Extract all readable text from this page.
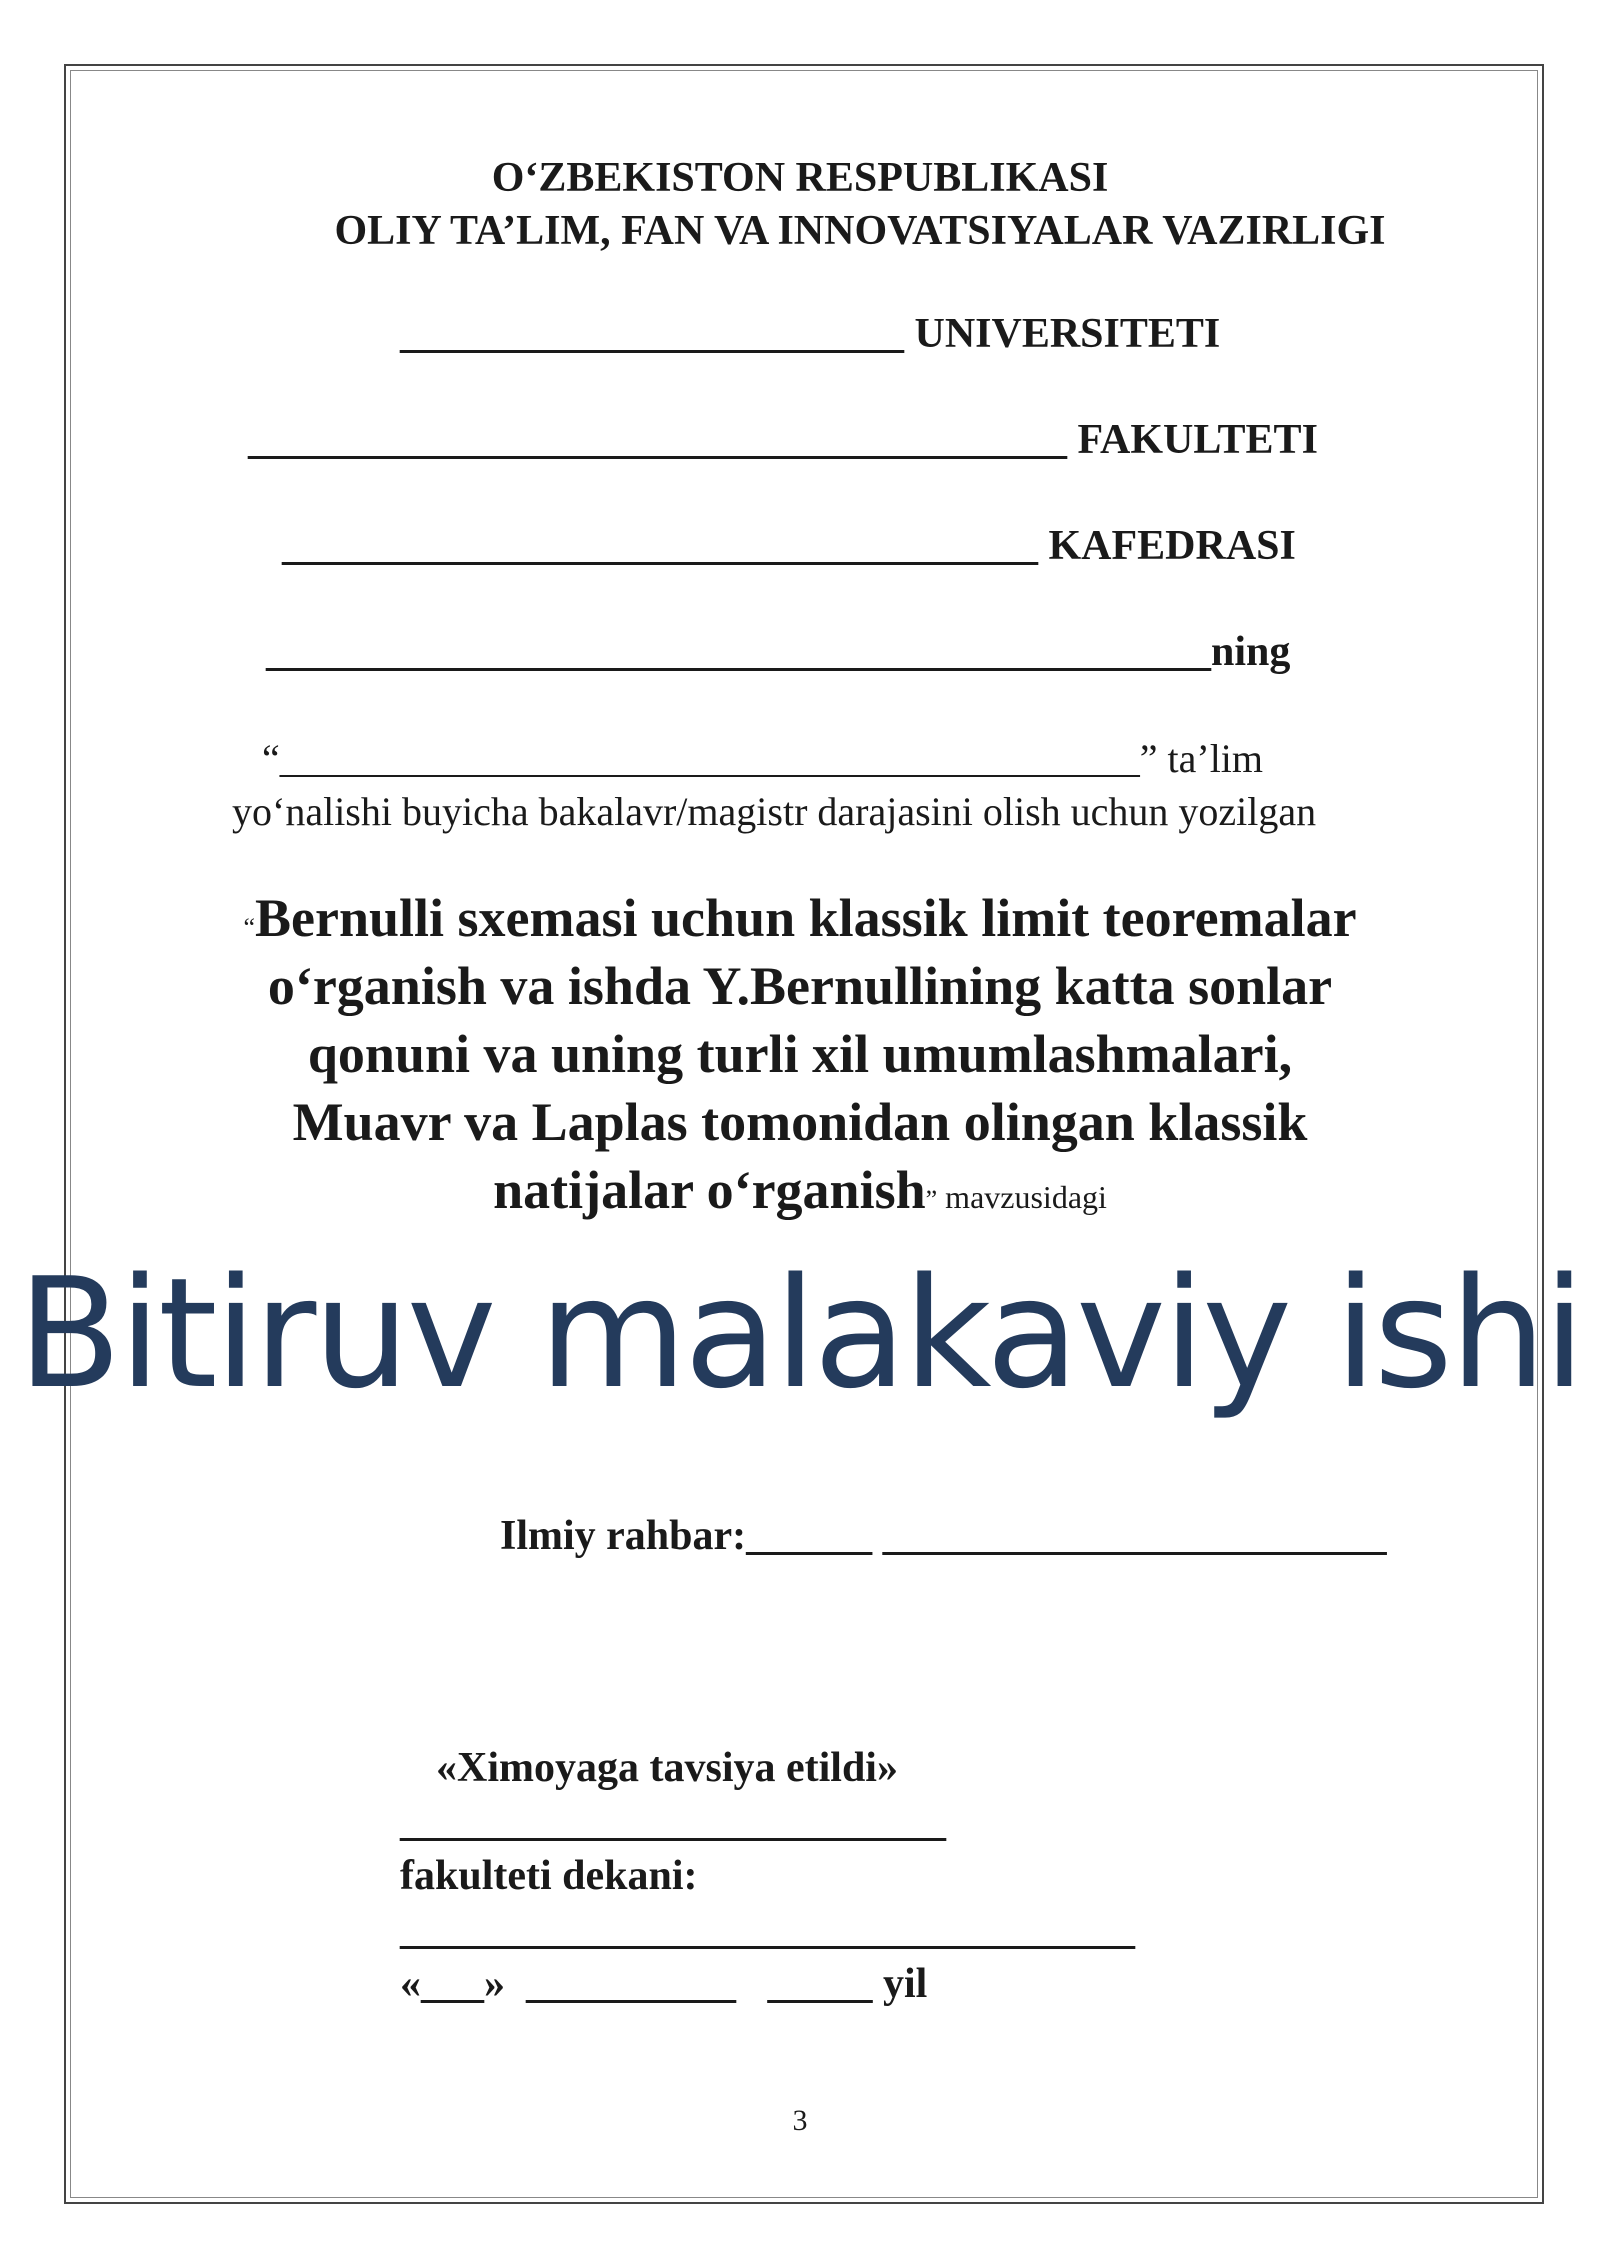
O‘ZBEKISTON RESPUBLIKASI
OLIY TA’LIM, FAN VA INNOVATSIYALAR VAZIRLIGI
________________________ UNIVERSITETI
_______________________________________ FAKULTETI
____________________________________ KAFEDRASI
_____________________________________________ning
“___________________________________________” ta’lim
yo‘nalishi buyicha bakalavr/magistr darajasini olish uchun yozilgan
“Bernulli sxemasi uchun klassik limit teoremalar
o‘rganish va ishda Y.Bernullining katta sonlar
qonuni va uning turli xil umumlashmalari,
Muavr va Laplas tomonidan olingan klassik
natijalar o‘rganish” mavzusidagi
Bitiruv malakaviy ishi
Ilmiy rahbar:______ ________________________
«Ximoyaga tavsiya etildi»
__________________________
fakulteti dekani:
___________________________________
«___»  __________   _____ yil
3
